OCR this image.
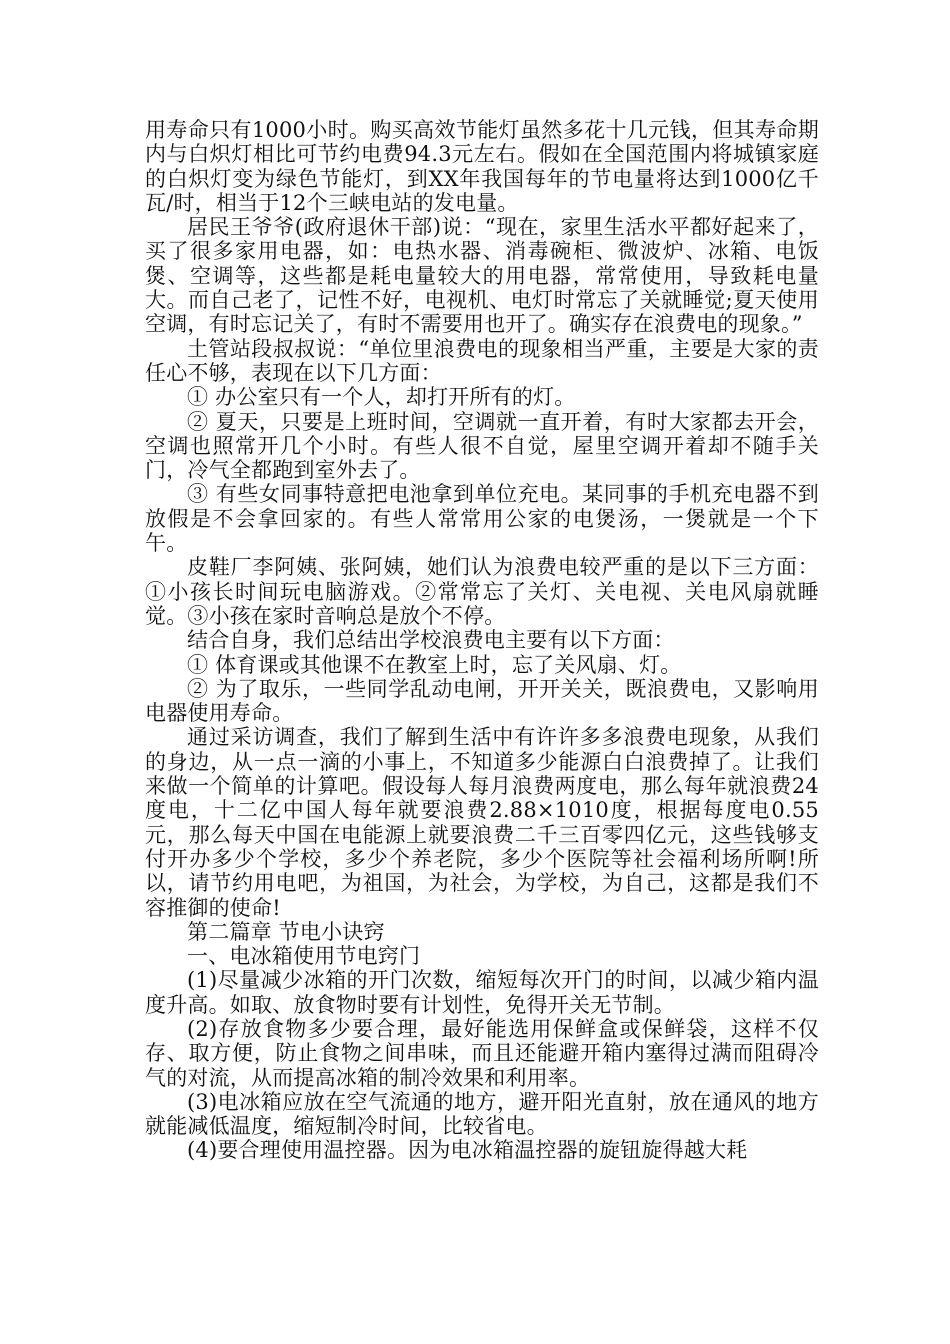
用寿命只有1000小时。购买高效节能灯虽然多花十几元钱，但其寿命期内与白炽灯相比可节约电费94.3元左右。假如在全国范围内将城镇家庭的白炽灯变为绿色节能灯，到XX年我国每年的节电量将达到1000亿千瓦/时，相当于12个三峡电站的发电量。

居民王爷爷(政府退休干部)说：“现在，家里生活水平都好起来了，买了很多家用电器，如：电热水器、消毒碗柜、微波炉、冰箱、电饭煲、空调等，这些都是耗电量较大的用电器，常常使用，导致耗电量大。而自己老了，记性不好，电视机、电灯时常忘了关就睡觉;夏天使用空调，有时忘记关了，有时不需要用也开了。确实存在浪费电的现象。”

土管站段叔叔说：“单位里浪费电的现象相当严重，主要是大家的责任心不够，表现在以下几方面：

① 办公室只有一个人，却打开所有的灯。

② 夏天，只要是上班时间，空调就一直开着，有时大家都去开会，空调也照常开几个小时。有些人很不自觉，屋里空调开着却不随手关门，冷气全都跑到室外去了。

③ 有些女同事特意把电池拿到单位充电。某同事的手机充电器不到放假是不会拿回家的。有些人常常用公家的电煲汤，一煲就是一个下午。

皮鞋厂李阿姨、张阿姨，她们认为浪费电较严重的是以下三方面：①小孩长时间玩电脑游戏。②常常忘了关灯、关电视、关电风扇就睡觉。③小孩在家时音响总是放个不停。

结合自身，我们总结出学校浪费电主要有以下方面：

① 体育课或其他课不在教室上时，忘了关风扇、灯。

② 为了取乐，一些同学乱动电闸，开开关关，既浪费电，又影响用电器使用寿命。

通过采访调查，我们了解到生活中有许许多多浪费电现象，从我们的身边，从一点一滴的小事上，不知道多少能源白白浪费掉了。让我们来做一个简单的计算吧。假设每人每月浪费两度电，那么每年就浪费24度电，十二亿中国人每年就要浪费2.88×1010度，根据每度电0.55元，那么每天中国在电能源上就要浪费二千三百零四亿元，这些钱够支付开办多少个学校，多少个养老院，多少个医院等社会福利场所啊!所以，请节约用电吧，为祖国，为社会，为学校，为自己，这都是我们不容推御的使命!

第二篇章 节电小诀窍

一、电冰箱使用节电窍门

(1)尽量减少冰箱的开门次数，缩短每次开门的时间，以减少箱内温度升高。如取、放食物时要有计划性，免得开关无节制。

(2)存放食物多少要合理，最好能选用保鲜盒或保鲜袋，这样不仅存、取方便，防止食物之间串味，而且还能避开箱内塞得过满而阻碍冷气的对流，从而提高冰箱的制冷效果和利用率。

(3)电冰箱应放在空气流通的地方，避开阳光直射，放在通风的地方就能减低温度，缩短制冷时间，比较省电。

(4)要合理使用温控器。因为电冰箱温控器的旋钮旋得越大耗
